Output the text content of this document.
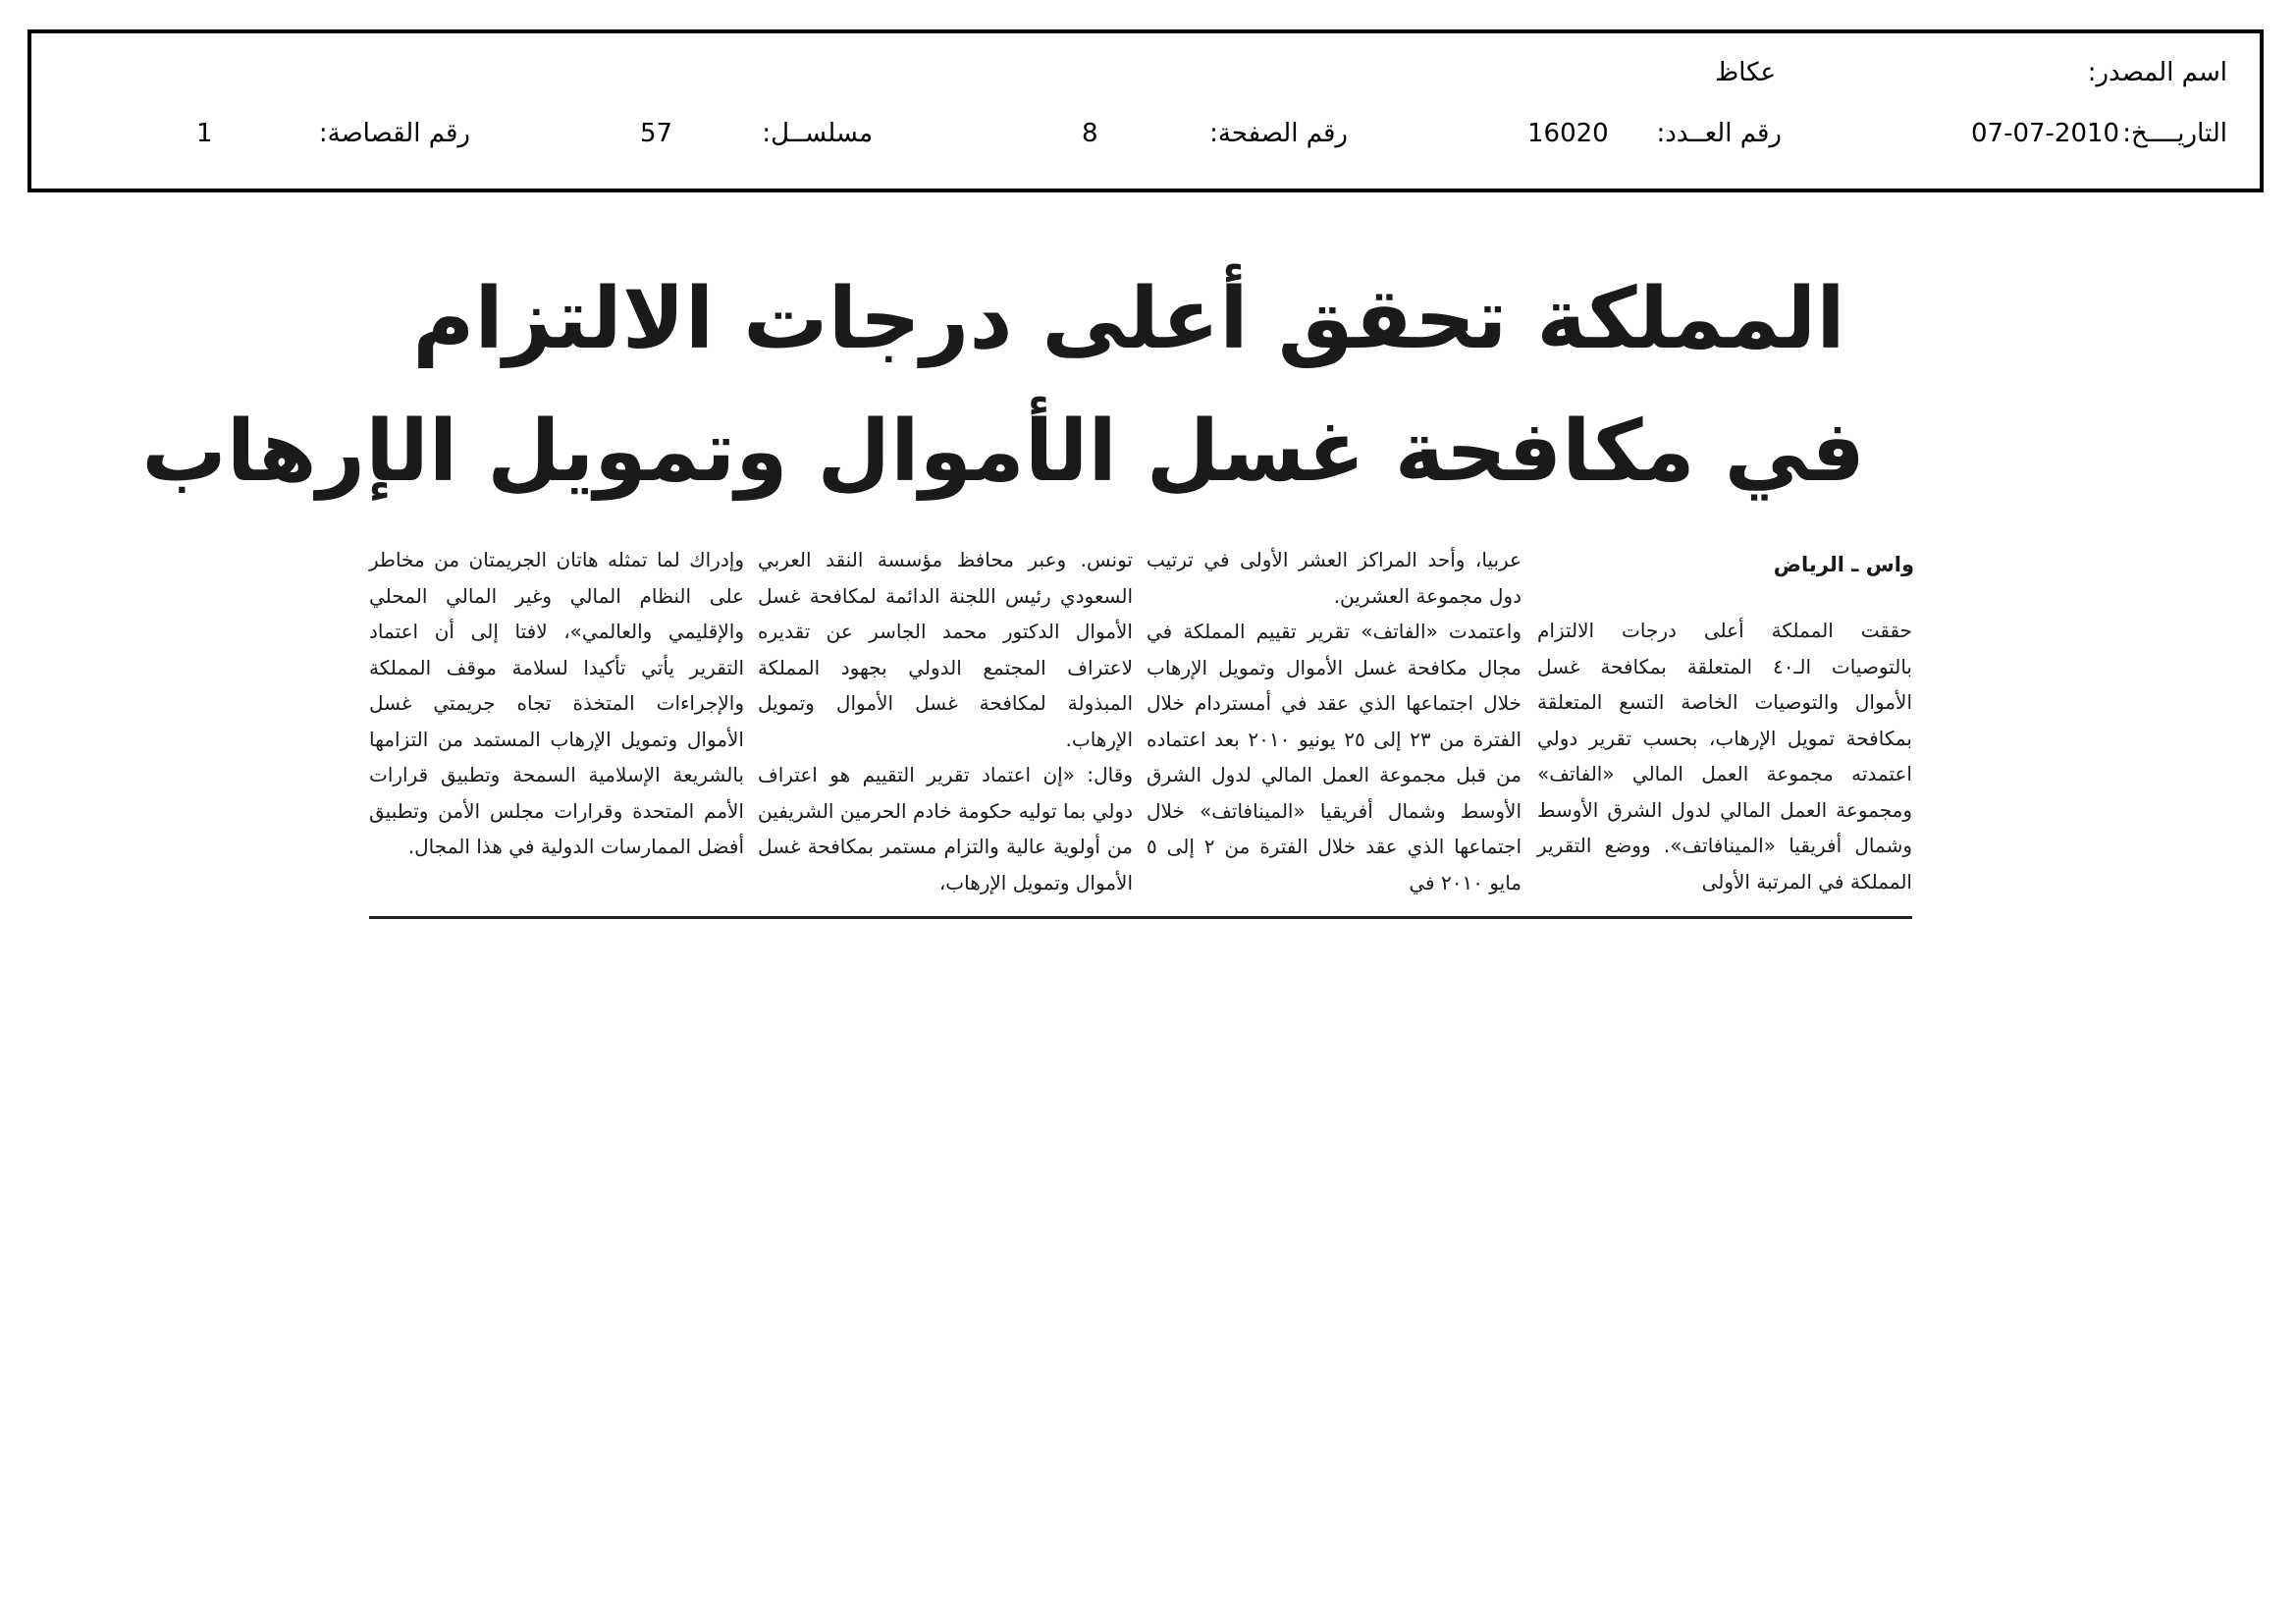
اسم المصدر:
عكاظ
التاريــــخ:
07-07-2010
رقم العــدد:
16020
رقم الصفحة:
8
مسلســل:
57
رقم القصاصة:
1
المملكة تحقق أعلى درجات الالتزام
في مكافحة غسل الأموال وتمويل الإرهاب
واس ـ الرياض

حققت المملكة أعلى درجات الالتزام بالتوصيات الـ٤٠ المتعلقة بمكافحة غسل الأموال والتوصيات الخاصة التسع المتعلقة بمكافحة تمويل الإرهاب، بحسب تقرير دولي اعتمدته مجموعة العمل المالي «الفاتف» ومجموعة العمل المالي لدول الشرق الأوسط وشمال أفريقيا «المينافاتف». ووضع التقرير المملكة في المرتبة الأولى

عربيا، وأحد المراكز العشر الأولى في ترتيب دول مجموعة العشرين.

واعتمدت «الفاتف» تقرير تقييم المملكة في مجال مكافحة غسل الأموال وتمويل الإرهاب خلال اجتماعها الذي عقد في أمستردام خلال الفترة من ٢٣ إلى ٢٥ يونيو ٢٠١٠ بعد اعتماده من قبل مجموعة العمل المالي لدول الشرق الأوسط وشمال أفريقيا «المينافاتف» خلال اجتماعها الذي عقد خلال الفترة من ٢ إلى ٥ مايو ٢٠١٠ في

تونس. وعبر محافظ مؤسسة النقد العربي السعودي رئيس اللجنة الدائمة لمكافحة غسل الأموال الدكتور محمد الجاسر عن تقديره لاعتراف المجتمع الدولي بجهود المملكة المبذولة لمكافحة غسل الأموال وتمويل الإرهاب.

وقال: «إن اعتماد تقرير التقييم هو اعتراف دولي بما توليه حكومة خادم الحرمين الشريفين من أولوية عالية والتزام مستمر بمكافحة غسل الأموال وتمويل الإرهاب،

وإدراك لما تمثله هاتان الجريمتان من مخاطر على النظام المالي وغير المالي المحلي والإقليمي والعالمي»، لافتا إلى أن اعتماد التقرير يأتي تأكيدا لسلامة موقف المملكة والإجراءات المتخذة تجاه جريمتي غسل الأموال وتمويل الإرهاب المستمد من التزامها بالشريعة الإسلامية السمحة وتطبيق قرارات الأمم المتحدة وقرارات مجلس الأمن وتطبيق أفضل الممارسات الدولية في هذا المجال.
